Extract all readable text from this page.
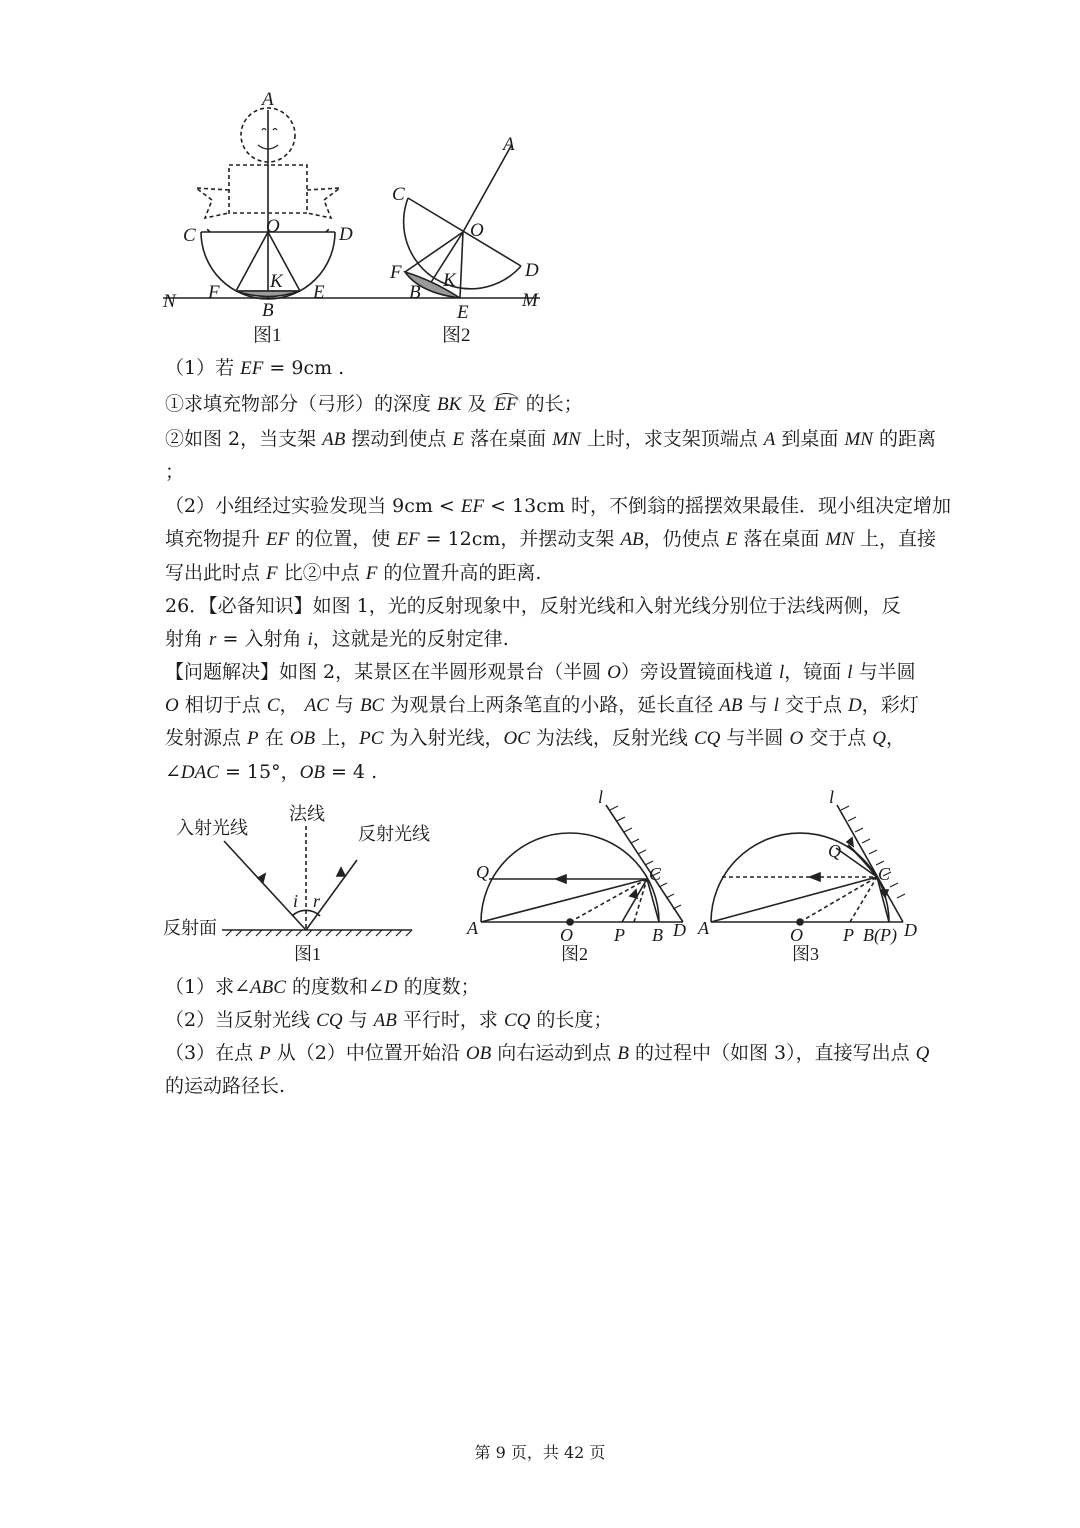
A
O
C	D
K
F	E
B
N
图1
A
C
O
F K	D
B
E
M
图2
（1）若 EF = 9cm .
①求填充物部分（弓形）的深度 BK 及 EF 的长；
②如图 2，当支架 AB 摆动到使点 E 落在桌面 MN 上时，求支架顶端点 A 到桌面 MN 的距离
；
（2）小组经过实验发现当 9cm < EF < 13cm 时，不倒翁的摇摆效果最佳．现小组决定增加
填充物提升 EF 的位置，使 EF = 12cm，并摆动支架 AB，仍使点 E 落在桌面 MN 上，直接
写出此时点 F 比②中点 F 的位置升高的距离.
26．【必备知识】如图 1，光的反射现象中，反射光线和入射光线分别位于法线两侧，反
射角 r = 入射角 i，这就是光的反射定律.
【问题解决】如图 2，某景区在半圆形观景台（半圆 O）旁设置镜面栈道 l，镜面 l 与半圆
O 相切于点 C， AC 与 BC 为观景台上两条笔直的小路，延长直径 AB 与 l 交于点 D，彩灯
发射源点 P 在 OB 上，PC 为入射光线，OC 为法线，反射光线 CQ 与半圆 O 交于点 Q，
∠DAC = 15°，OB = 4 .
入射光线
法线
反射光线
反射面
i r
图1
l
Q	C
A	O P B D
图2
l
Q
C
A	O P B(P) D
图3
（1）求∠ABC 的度数和∠D 的度数；
（2）当反射光线 CQ 与 AB 平行时，求 CQ 的长度；
（3）在点 P 从（2）中位置开始沿 OB 向右运动到点 B 的过程中（如图 3），直接写出点 Q
的运动路径长.
第 9 页，共 42 页
